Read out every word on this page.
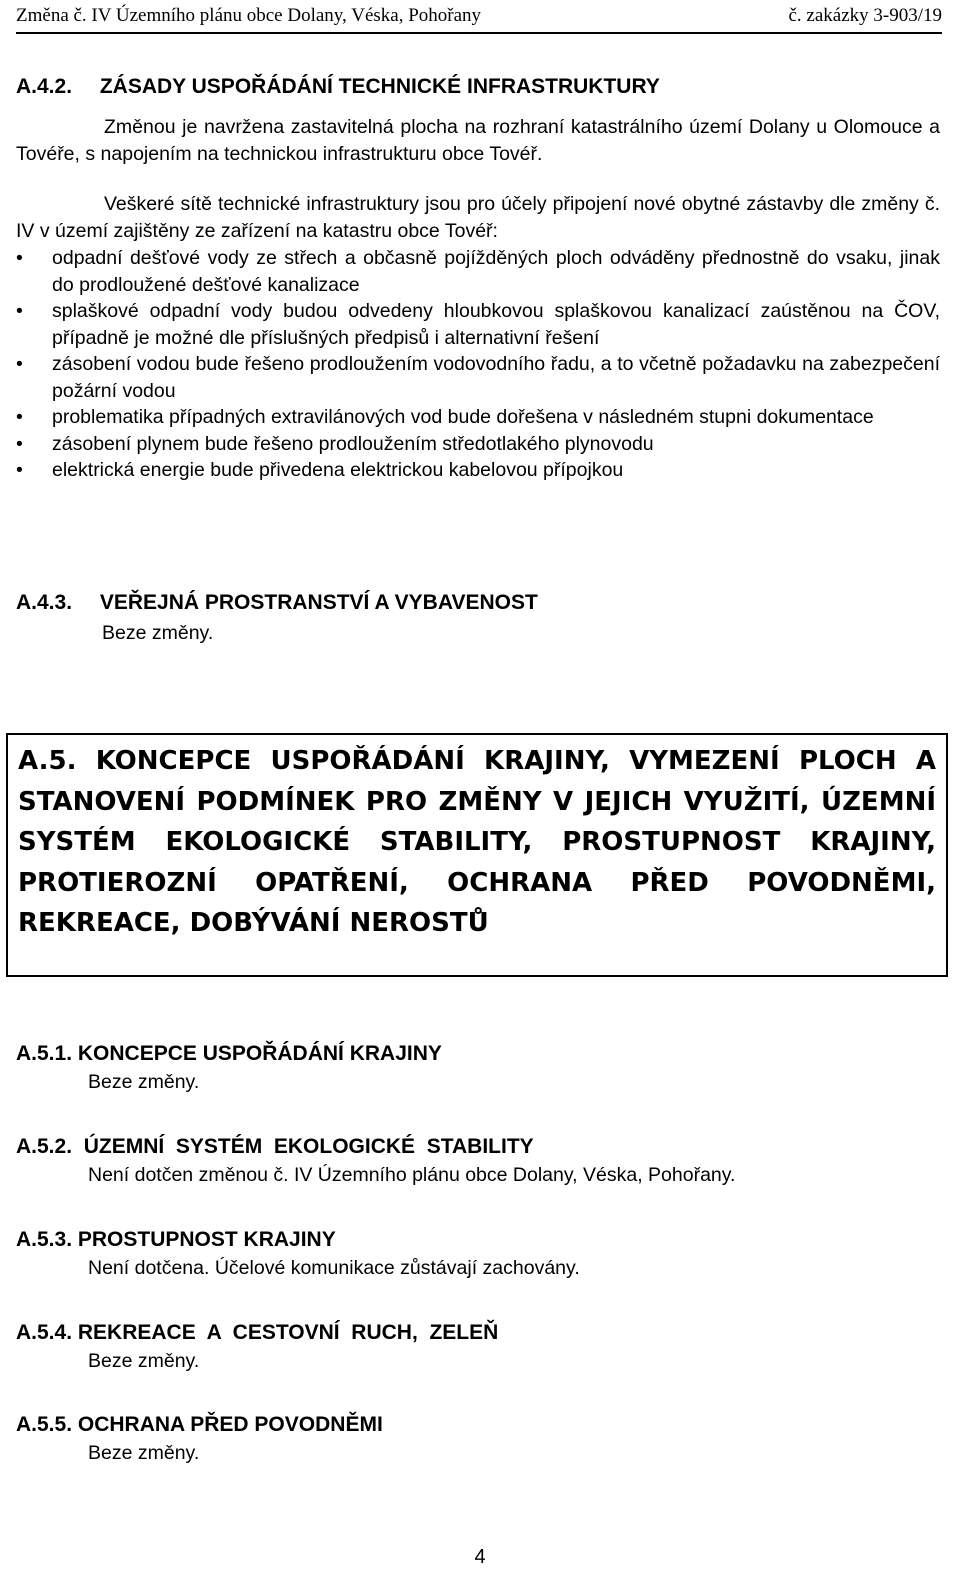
Změna č. IV Územního plánu obce Dolany, Véska, Pohořany	č. zakázky 3-903/19
A.4.2. ZÁSADY USPOŘÁDÁNÍ TECHNICKÉ INFRASTRUKTURY
Změnou je navržena zastavitelná plocha na rozhraní katastrálního území Dolany u Olomouce a Tovéře, s napojením na technickou infrastrukturu obce Tovéř.
Veškeré sítě technické infrastruktury jsou pro účely připojení nové obytné zástavby dle změny č. IV v území zajištěny ze zařízení na katastru obce Tovéř:
• odpadní dešťové vody ze střech a občasně pojížděných ploch odváděny přednostně do vsaku, jinak do prodloužené dešťové kanalizace
• splaškové odpadní vody budou odvedeny hloubkovou splaškovou kanalizací zaústěnou na ČOV, případně je možné dle příslušných předpisů i alternativní řešení
• zásobení vodou bude řešeno prodloužením vodovodního řadu, a to včetně požadavku na zabezpečení požární vodou
• problematika případných extravilánových vod bude dořešena v následném stupni dokumentace
• zásobení plynem bude řešeno prodloužením středotlakého plynovodu
• elektrická energie bude přivedena elektrickou kabelovou přípojkou
A.4.3. VEŘEJNÁ PROSTRANSTVÍ A VYBAVENOST
Beze změny.
A.5. KONCEPCE USPOŘÁDÁNÍ KRAJINY, VYMEZENÍ PLOCH A STANOVENÍ PODMÍNEK PRO ZMĚNY V JEJICH VYUŽITÍ, ÚZEMNÍ SYSTÉM EKOLOGICKÉ STABILITY, PROSTUPNOST KRAJINY, PROTIEROZNÍ OPATŘENÍ, OCHRANA PŘED POVODNĚMI, REKREACE, DOBÝVÁNÍ NEROSTŮ
A.5.1. KONCEPCE USPOŘÁDÁNÍ KRAJINY
Beze změny.
A.5.2.  ÚZEMNÍ  SYSTÉM  EKOLOGICKÉ  STABILITY
Není dotčen změnou č. IV Územního plánu obce Dolany, Véska, Pohořany.
A.5.3. PROSTUPNOST KRAJINY
Není dotčena. Účelové komunikace zůstávají zachovány.
A.5.4. REKREACE  A  CESTOVNÍ  RUCH,  ZELEŇ
Beze změny.
A.5.5. OCHRANA PŘED POVODNĚMI
Beze změny.
4
